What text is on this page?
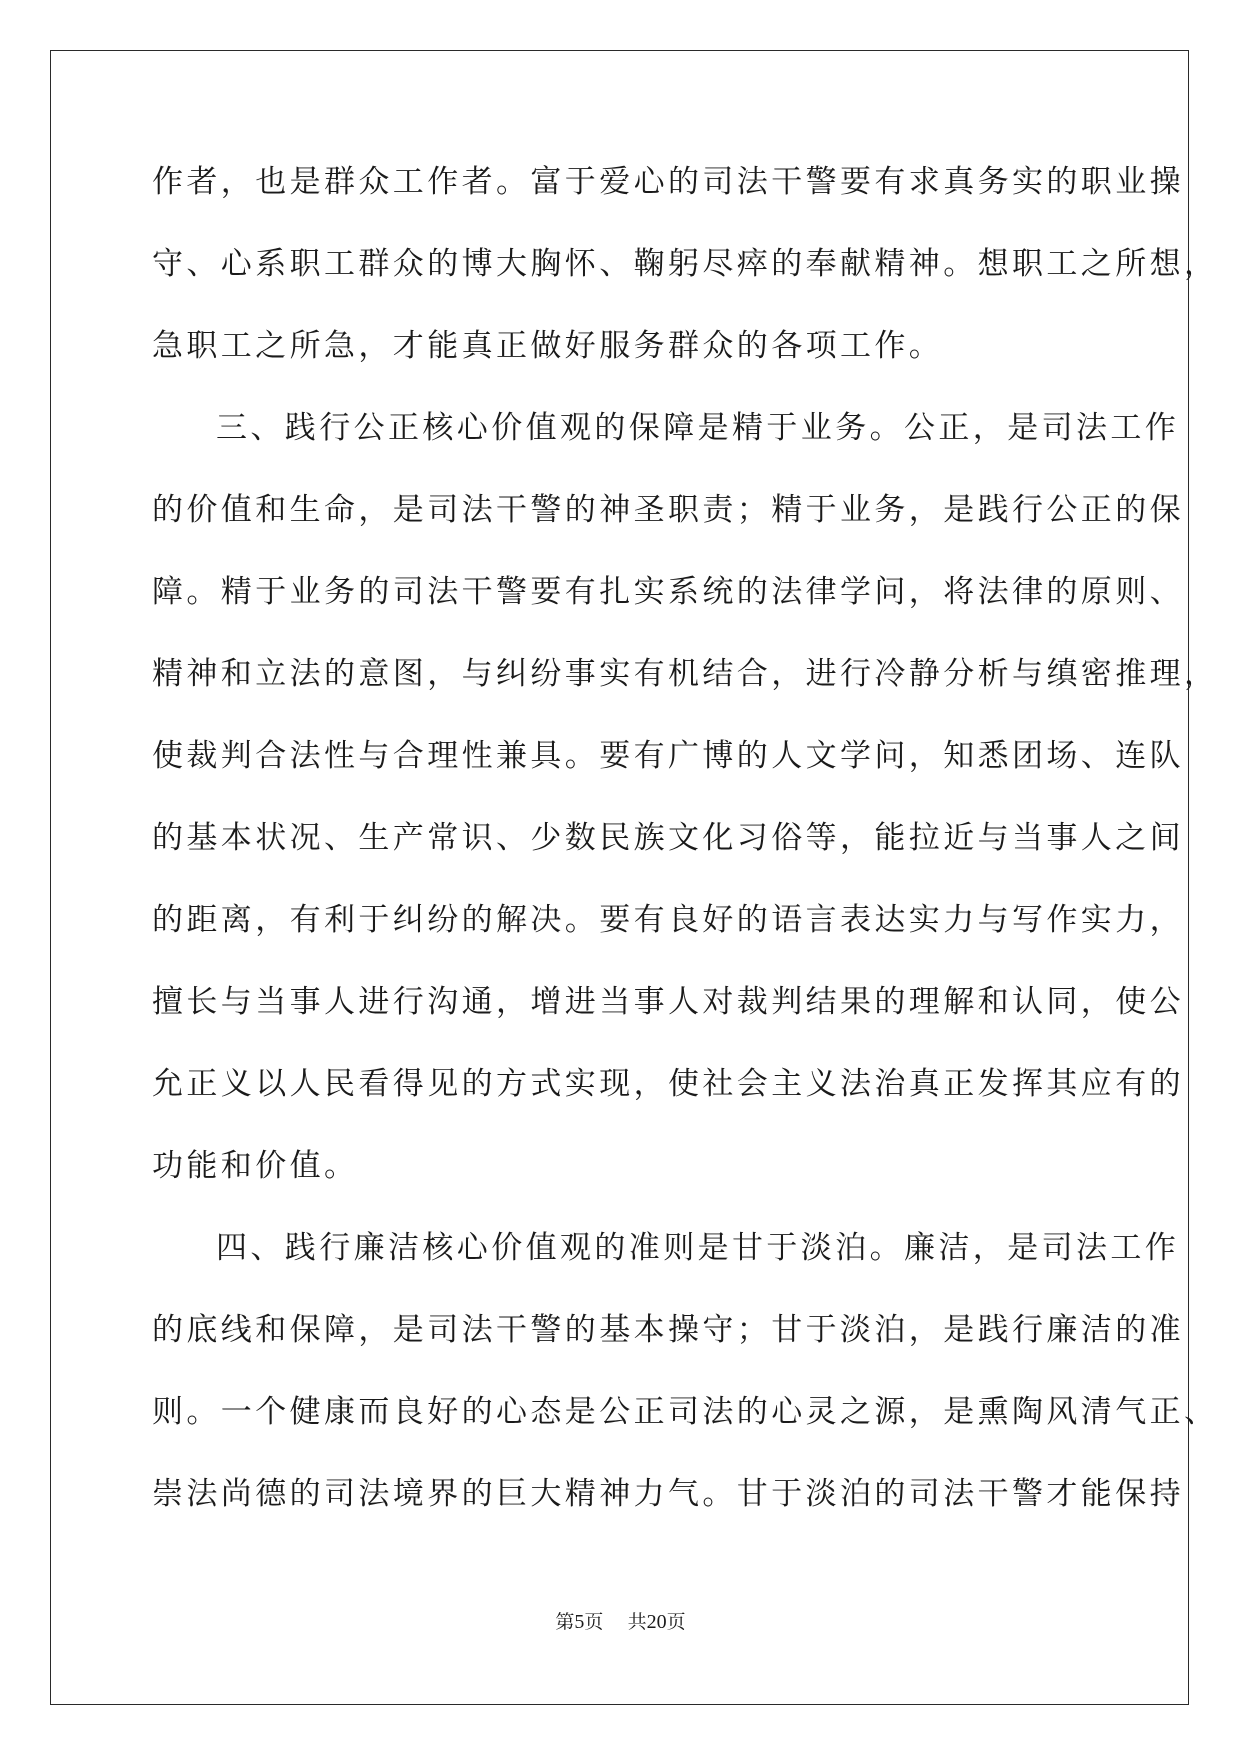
作者，也是群众工作者。富于爱心的司法干警要有求真务实的职业操
守、心系职工群众的博大胸怀、鞠躬尽瘁的奉献精神。想职工之所想，
急职工之所急，才能真正做好服务群众的各项工作。
三、践行公正核心价值观的保障是精于业务。公正，是司法工作
的价值和生命，是司法干警的神圣职责；精于业务，是践行公正的保
障。精于业务的司法干警要有扎实系统的法律学问，将法律的原则、
精神和立法的意图，与纠纷事实有机结合，进行冷静分析与缜密推理，
使裁判合法性与合理性兼具。要有广博的人文学问，知悉团场、连队
的基本状况、生产常识、少数民族文化习俗等，能拉近与当事人之间
的距离，有利于纠纷的解决。要有良好的语言表达实力与写作实力，
擅长与当事人进行沟通，增进当事人对裁判结果的理解和认同，使公
允正义以人民看得见的方式实现，使社会主义法治真正发挥其应有的
功能和价值。
四、践行廉洁核心价值观的准则是甘于淡泊。廉洁，是司法工作
的底线和保障，是司法干警的基本操守；甘于淡泊，是践行廉洁的准
则。一个健康而良好的心态是公正司法的心灵之源，是熏陶风清气正、
崇法尚德的司法境界的巨大精神力气。甘于淡泊的司法干警才能保持
第5页 共20页
